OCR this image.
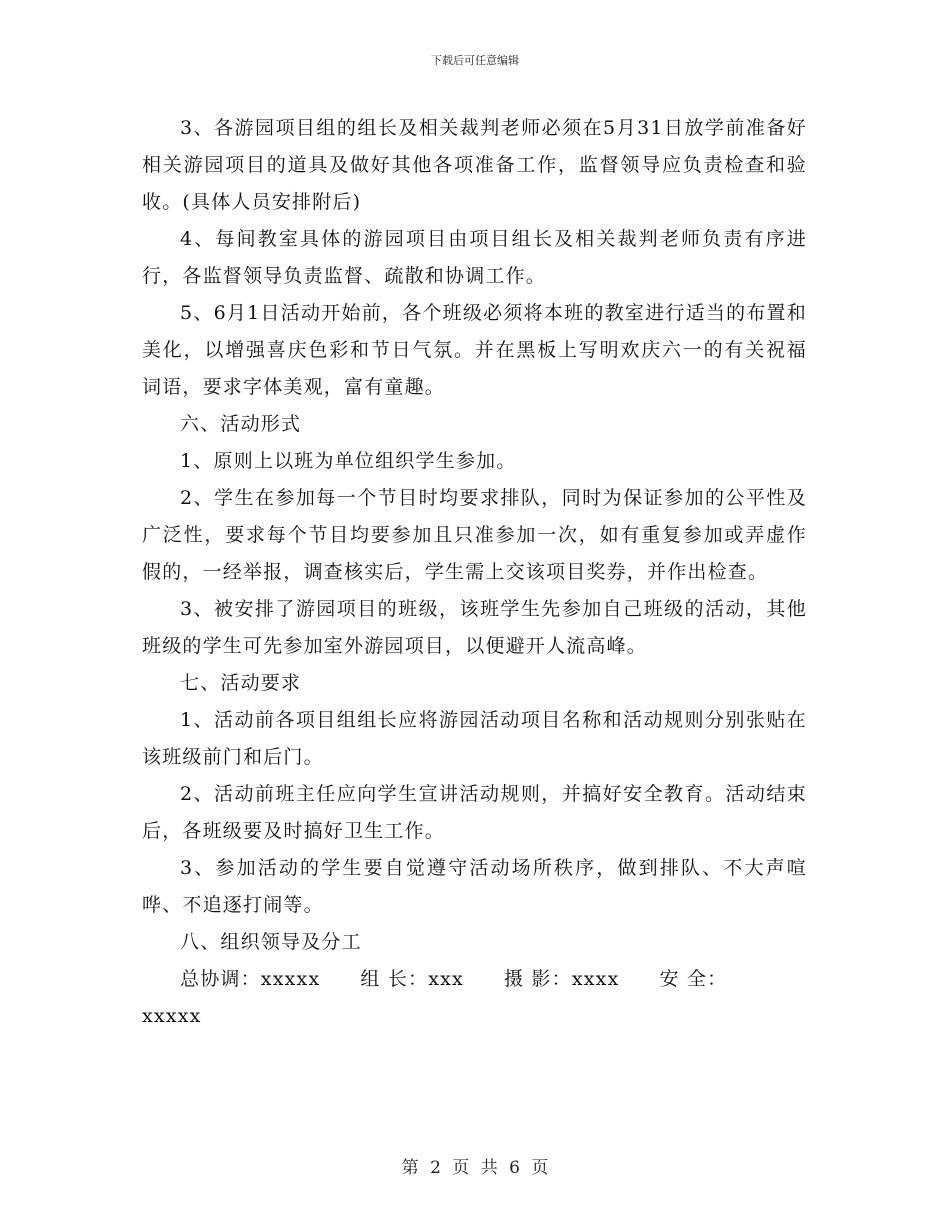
下载后可任意编辑

3、各游园项目组的组长及相关裁判老师必须在5月31日放学前准备好相关游园项目的道具及做好其他各项准备工作，监督领导应负责检查和验收。(具体人员安排附后)

4、每间教室具体的游园项目由项目组长及相关裁判老师负责有序进行，各监督领导负责监督、疏散和协调工作。

5、6月1日活动开始前，各个班级必须将本班的教室进行适当的布置和美化，以增强喜庆色彩和节日气氛。并在黑板上写明欢庆六一的有关祝福词语，要求字体美观，富有童趣。

六、活动形式

1、原则上以班为单位组织学生参加。

2、学生在参加每一个节目时均要求排队，同时为保证参加的公平性及广泛性，要求每个节目均要参加且只准参加一次，如有重复参加或弄虚作假的，一经举报，调查核实后，学生需上交该项目奖券，并作出检查。

3、被安排了游园项目的班级，该班学生先参加自己班级的活动，其他班级的学生可先参加室外游园项目，以便避开人流高峰。

七、活动要求

1、活动前各项目组组长应将游园活动项目名称和活动规则分别张贴在该班级前门和后门。

2、活动前班主任应向学生宣讲活动规则，并搞好安全教育。活动结束后，各班级要及时搞好卫生工作。

3、参加活动的学生要自觉遵守活动场所秩序，做到排队、不大声喧哗、不追逐打闹等。

八、组织领导及分工

总协调：xxxxx 组 长：xxx 摄 影：xxxx 安 全：

xxxxx

第 2 页 共 6 页
